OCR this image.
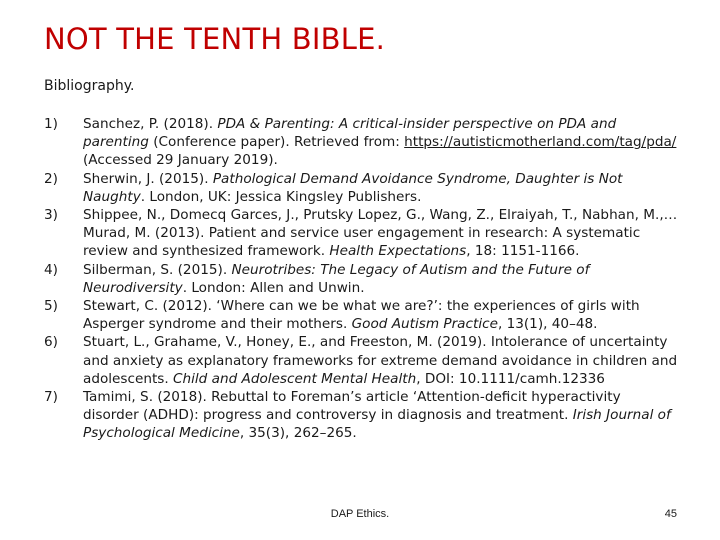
NOT THE TENTH BIBLE.
Bibliography.
1)	Sanchez, P. (2018). PDA & Parenting: A critical-insider perspective on PDA and parenting (Conference paper). Retrieved from: https://autisticmotherland.com/tag/pda/ (Accessed 29 January 2019).
2)	Sherwin, J. (2015). Pathological Demand Avoidance Syndrome, Daughter is Not Naughty. London, UK: Jessica Kingsley Publishers.
3)	Shippee, N., Domecq Garces, J., Prutsky Lopez, G., Wang, Z., Elraiyah, T., Nabhan, M.,…Murad, M. (2013). Patient and service user engagement in research: A systematic review and synthesized framework. Health Expectations, 18: 1151-1166.
4)	Silberman, S. (2015). Neurotribes: The Legacy of Autism and the Future of Neurodiversity. London: Allen and Unwin.
5)	Stewart, C. (2012). ‘Where can we be what we are?’: the experiences of girls with Asperger syndrome and their mothers. Good Autism Practice, 13(1), 40–48.
6)	Stuart, L., Grahame, V., Honey, E., and Freeston, M. (2019). Intolerance of uncertainty and anxiety as explanatory frameworks for extreme demand avoidance in children and adolescents. Child and Adolescent Mental Health, DOI: 10.1111/camh.12336
7)	Tamimi, S. (2018). Rebuttal to Foreman’s article ‘Attention-deficit hyperactivity disorder (ADHD): progress and controversy in diagnosis and treatment. Irish Journal of Psychological Medicine, 35(3), 262–265.
DAP Ethics.	45
